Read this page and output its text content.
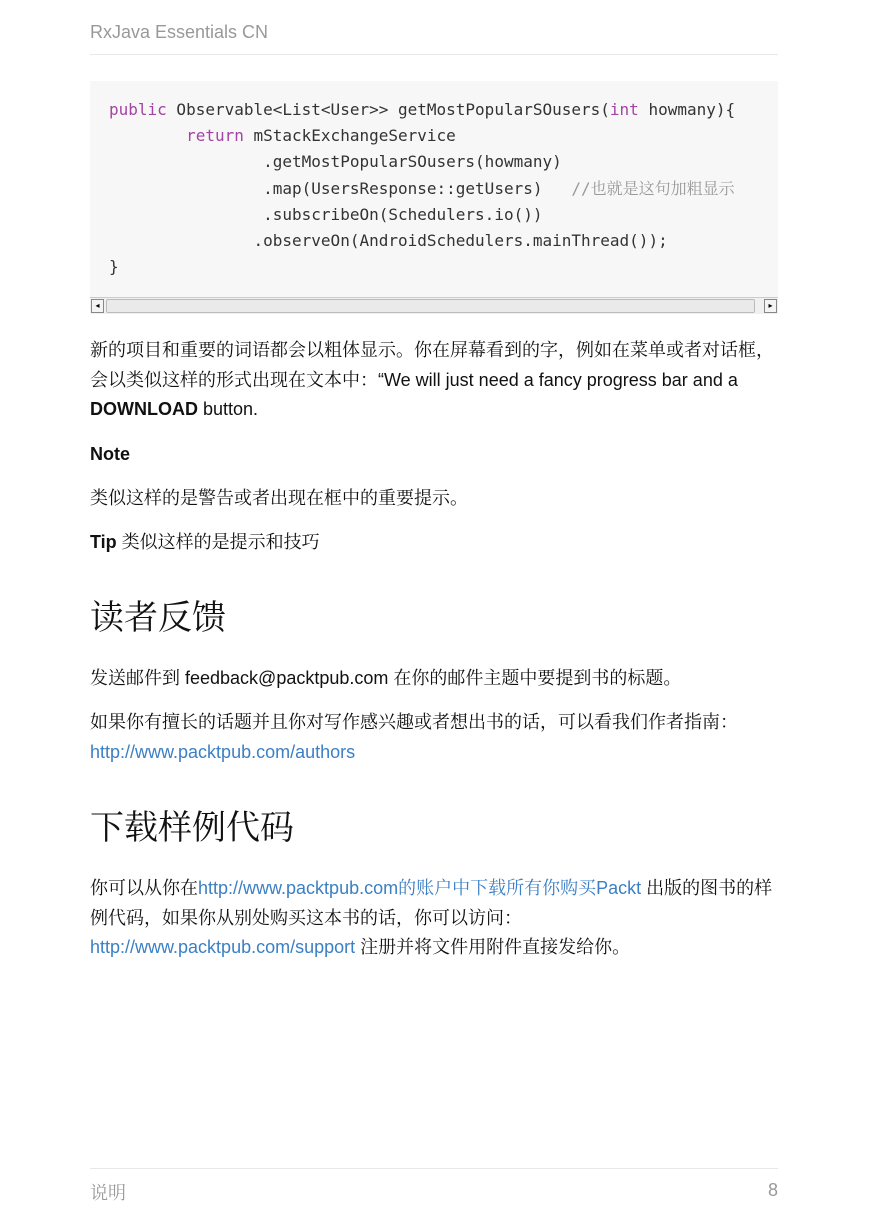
RxJava Essentials CN
public Observable<List<User>> getMostPopularSOusers(int howmany){
return mStackExchangeService
.getMostPopularSOusers(howmany)
.map(UsersResponse::getUsers)   //也就是这句加粗显示
.subscribeOn(Schedulers.io())
.observeOn(AndroidSchedulers.mainThread());
}
◂	▸
新的项目和重要的词语都会以粗体显示。你在屏幕看到的字，例如在菜单或者对话框，会以类似这样的形式出现在文本中：“We will just need a fancy progress bar and a DOWNLOAD button.
Note
类似这样的是警告或者出现在框中的重要提示。
Tip 类似这样的是提示和技巧
读者反馈
发送邮件到 feedback@packtpub.com 在你的邮件主题中要提到书的标题。
如果你有擅长的话题并且你对写作感兴趣或者想出书的话，可以看我们作者指南：http://www.packtpub.com/authors
下载样例代码
你可以从你在http://www.packtpub.com的账户中下载所有你购买Packt 出版的图书的样例代码，如果你从别处购买这本书的话，你可以访问：http://www.packtpub.com/support 注册并将文件用附件直接发给你。
说明	8
